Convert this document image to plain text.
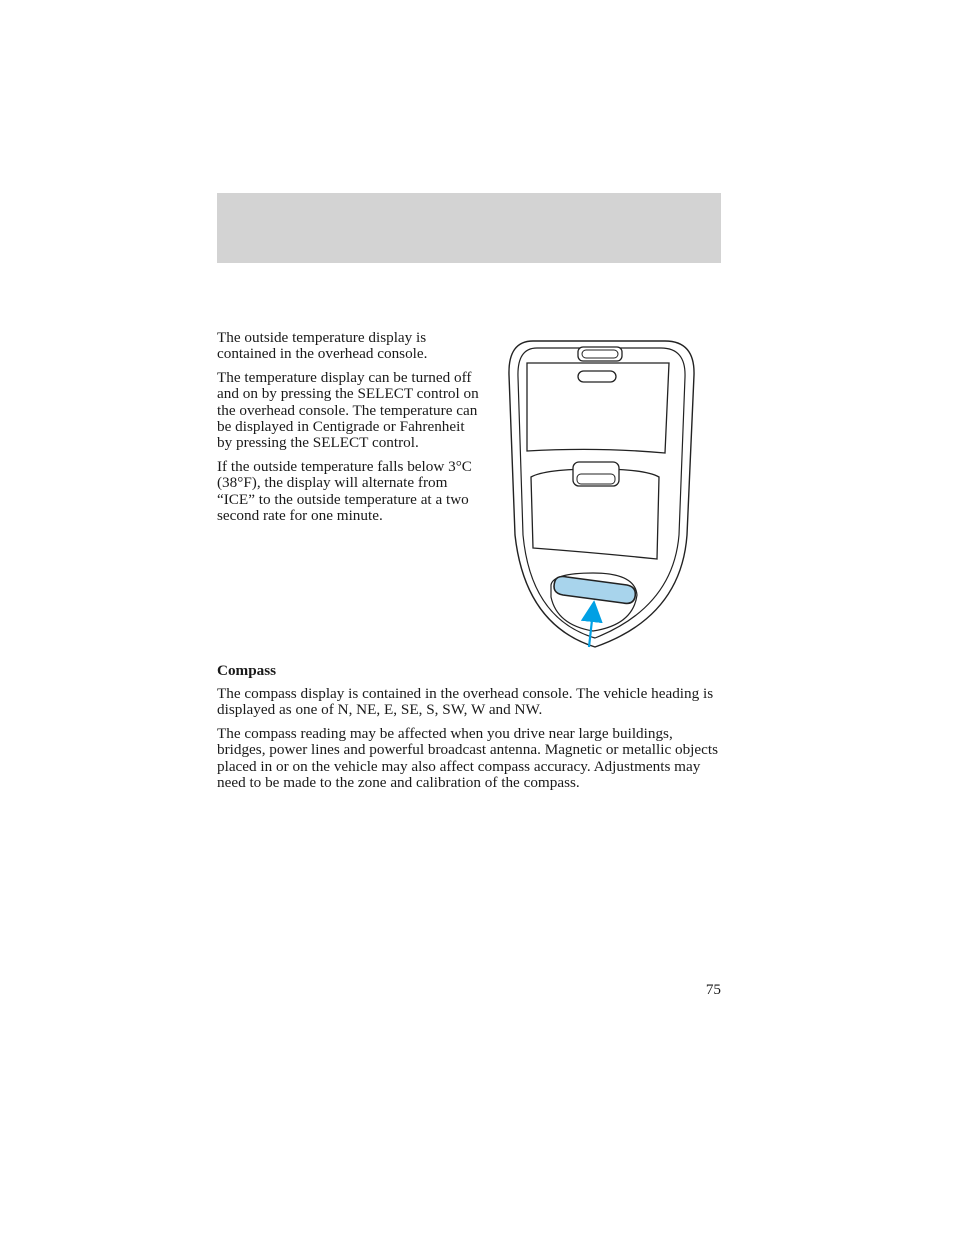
The outside temperature display is contained in the overhead console.

The temperature display can be turned off and on by pressing the SELECT control on the overhead console. The temperature can be displayed in Centigrade or Fahrenheit by pressing the SELECT control.

If the outside temperature falls below 3°C (38°F), the display will alternate from “ICE” to the outside temperature at a two second rate for one minute.

Compass

The compass display is contained in the overhead console. The vehicle heading is displayed as one of N, NE, E, SE, S, SW, W and NW.

The compass reading may be affected when you drive near large buildings, bridges, power lines and powerful broadcast antenna. Magnetic or metallic objects placed in or on the vehicle may also affect compass accuracy. Adjustments may need to be made to the zone and calibration of the compass.

75
